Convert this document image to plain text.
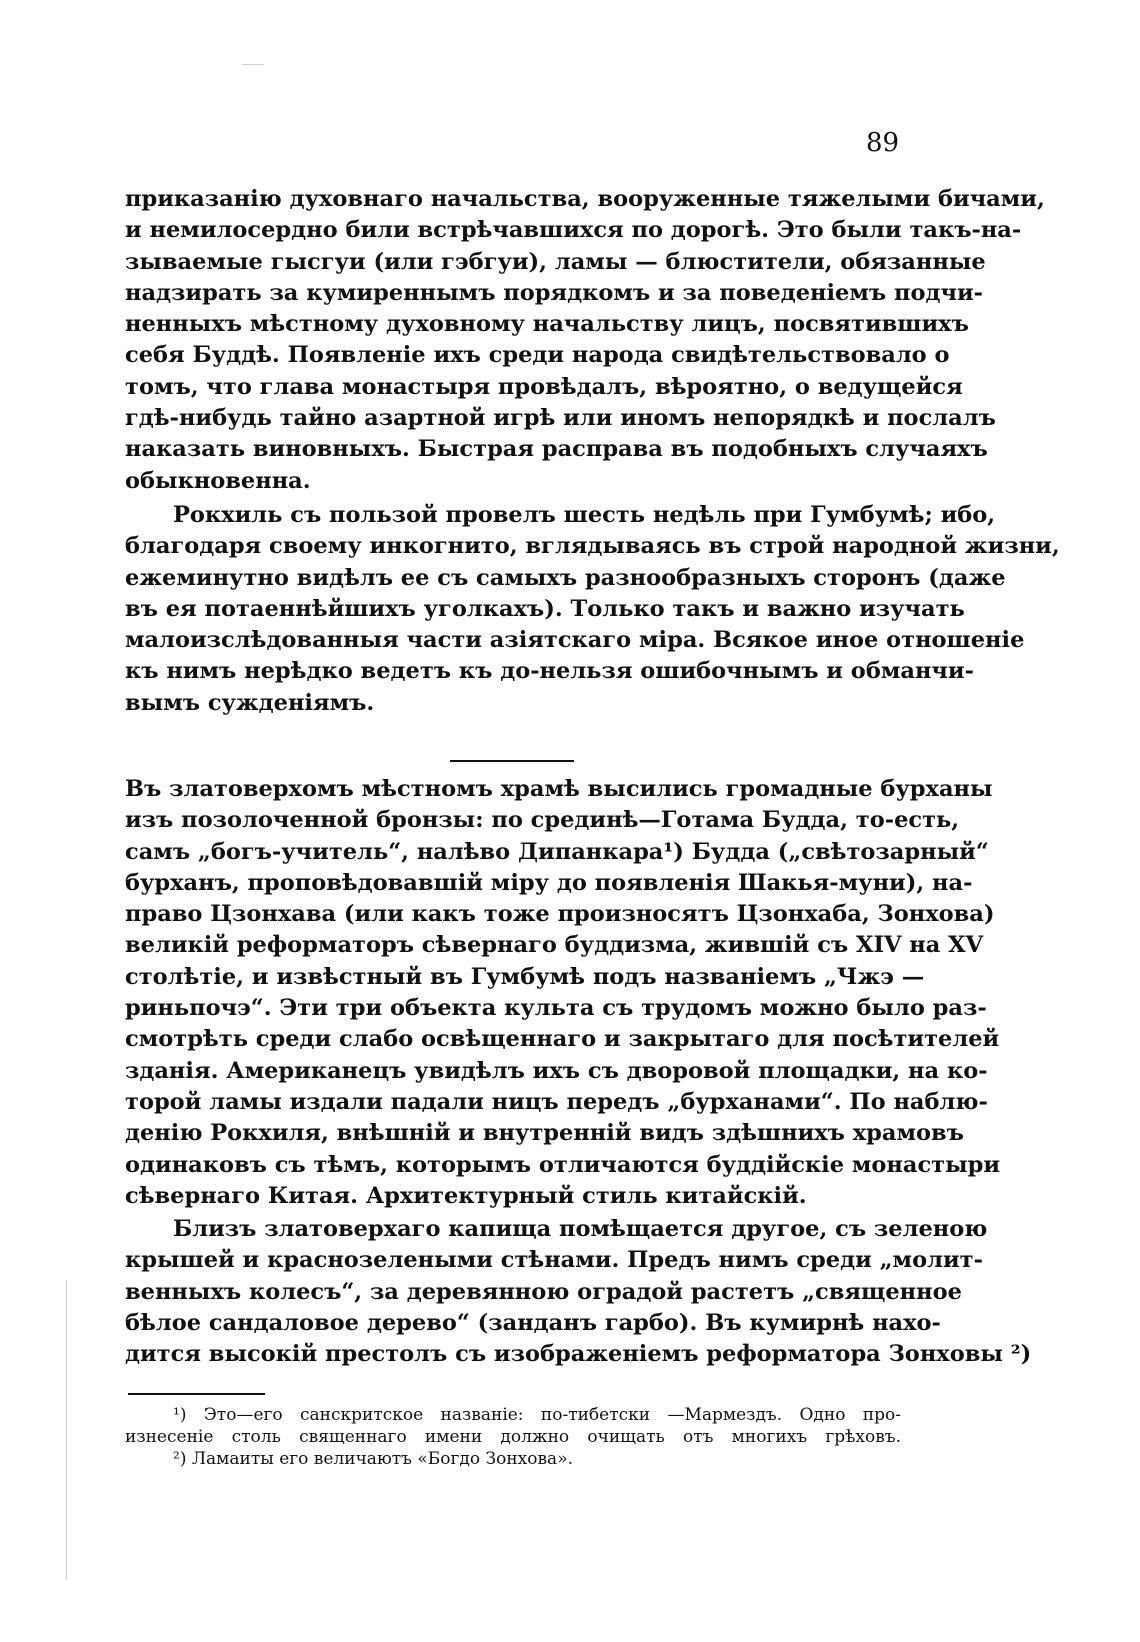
89
приказанію духовнаго начальства, вооруженные тяжелыми бичами,
и немилосердно били встрѣчавшихся по дорогѣ. Это были такъ-на-
зываемые гысгуи (или гэбгуи), ламы — блюстители, обязанные
надзирать за кумиреннымъ порядкомъ и за поведеніемъ подчи-
ненныхъ мѣстному духовному начальству лицъ, посвятившихъ
себя Буддѣ. Появленіе ихъ среди народа свидѣтельствовало о
томъ, что глава монастыря провѣдалъ, вѣроятно, о ведущейся
гдѣ-нибудь тайно азартной игрѣ или иномъ непорядкѣ и послалъ
наказать виновныхъ. Быстрая расправа въ подобныхъ случаяхъ
обыкновенна.
Рокхиль съ пользой провелъ шесть недѣль при Гумбумѣ; ибо,
благодаря своему инкогнито, вглядываясь въ строй народной жизни,
ежеминутно видѣлъ ее съ самыхъ разнообразныхъ сторонъ (даже
въ ея потаеннѣйшихъ уголкахъ). Только такъ и важно изучать
малоизслѣдованныя части азіятскаго міра. Всякое иное отношеніе
къ нимъ нерѣдко ведетъ къ до-нельзя ошибочнымъ и обманчи-
вымъ сужденіямъ.
Въ златоверхомъ мѣстномъ храмѣ высились громадные бурханы
изъ позолоченной бронзы: по срединѣ—Готама Будда, то-есть,
самъ „богъ-учитель“, налѣво Дипанкара¹) Будда („свѣтозарный“
бурханъ, проповѣдовавшій міру до появленія Шакья-муни), на-
право Цзонхава (или какъ тоже произносятъ Цзонхаба, Зонхова)
великій реформаторъ сѣвернаго буддизма, жившій съ XIV на XV
столѣтіе, и извѣстный въ Гумбумѣ подъ названіемъ „Чжэ —
риньпочэ“. Эти три объекта культа съ трудомъ можно было раз-
смотрѣть среди слабо освѣщеннаго и закрытаго для посѣтителей
зданія. Американецъ увидѣлъ ихъ съ дворовой площадки, на ко-
торой ламы издали падали ницъ передъ „бурханами“. По наблю-
денію Рокхиля, внѣшній и внутренній видъ здѣшнихъ храмовъ
одинаковъ съ тѣмъ, которымъ отличаются буддійскіе монастыри
сѣвернаго Китая. Архитектурный стиль китайскій.
Близъ златоверхаго капища помѣщается другое, съ зеленою
крышей и краснозелеными стѣнами. Предъ нимъ среди „молит-
венныхъ колесъ“, за деревянною оградой растетъ „священное
бѣлое сандаловое дерево“ (занданъ гарбо). Въ кумирнѣ нахо-
дится высокій престолъ съ изображеніемъ реформатора Зонховы ²)
¹) Это—его санскритское названіе: по-тибетски —Мармездъ. Одно про-
изнесеніе столь священнаго имени должно очищать отъ многихъ грѣховъ.
²) Ламаиты его величаютъ «Богдо Зонхова».
